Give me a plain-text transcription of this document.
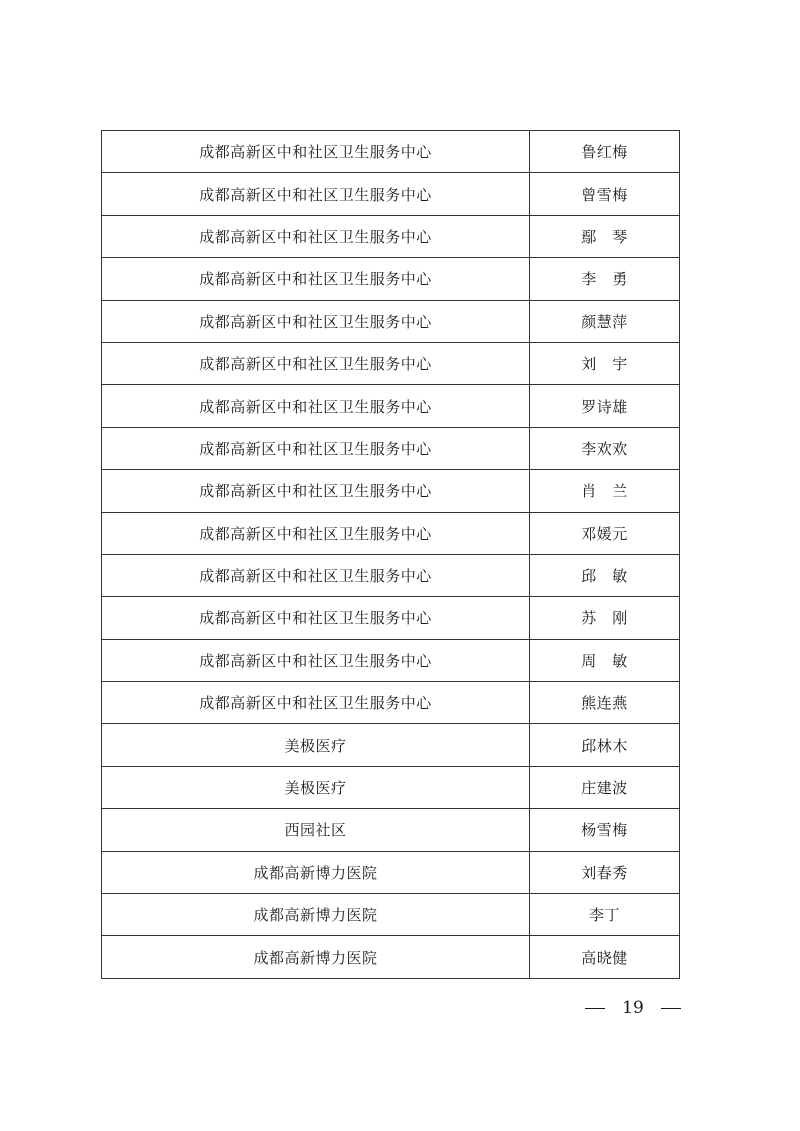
成都高新区中和社区卫生服务中心	鲁红梅
成都高新区中和社区卫生服务中心	曾雪梅
成都高新区中和社区卫生服务中心	鄢　琴
成都高新区中和社区卫生服务中心	李　勇
成都高新区中和社区卫生服务中心	颜慧萍
成都高新区中和社区卫生服务中心	刘　宇
成都高新区中和社区卫生服务中心	罗诗雄
成都高新区中和社区卫生服务中心	李欢欢
成都高新区中和社区卫生服务中心	肖　兰
成都高新区中和社区卫生服务中心	邓媛元
成都高新区中和社区卫生服务中心	邱　敏
成都高新区中和社区卫生服务中心	苏　刚
成都高新区中和社区卫生服务中心	周　敏
成都高新区中和社区卫生服务中心	熊连燕
美极医疗	邱林木
美极医疗	庄建波
西园社区	杨雪梅
成都高新博力医院	刘春秀
成都高新博力医院	李丁
成都高新博力医院	高晓健
19
